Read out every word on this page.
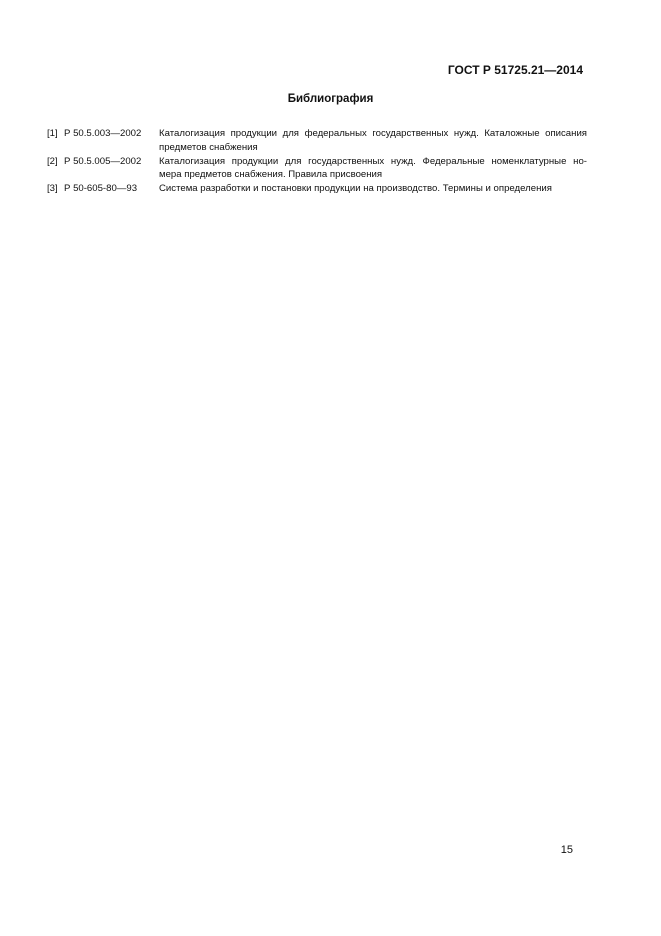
ГОСТ Р 51725.21—2014
Библиография
[1] Р 50.5.003—2002	Каталогизация продукции для федеральных государственных нужд. Каталожные описания
предметов снабжения
[2] Р 50.5.005—2002	Каталогизация продукции для государственных нужд. Федеральные номенклатурные но-
мера предметов снабжения. Правила присвоения
[3] Р 50-605-80—93	Система разработки и постановки продукции на производство. Термины и определения
15
